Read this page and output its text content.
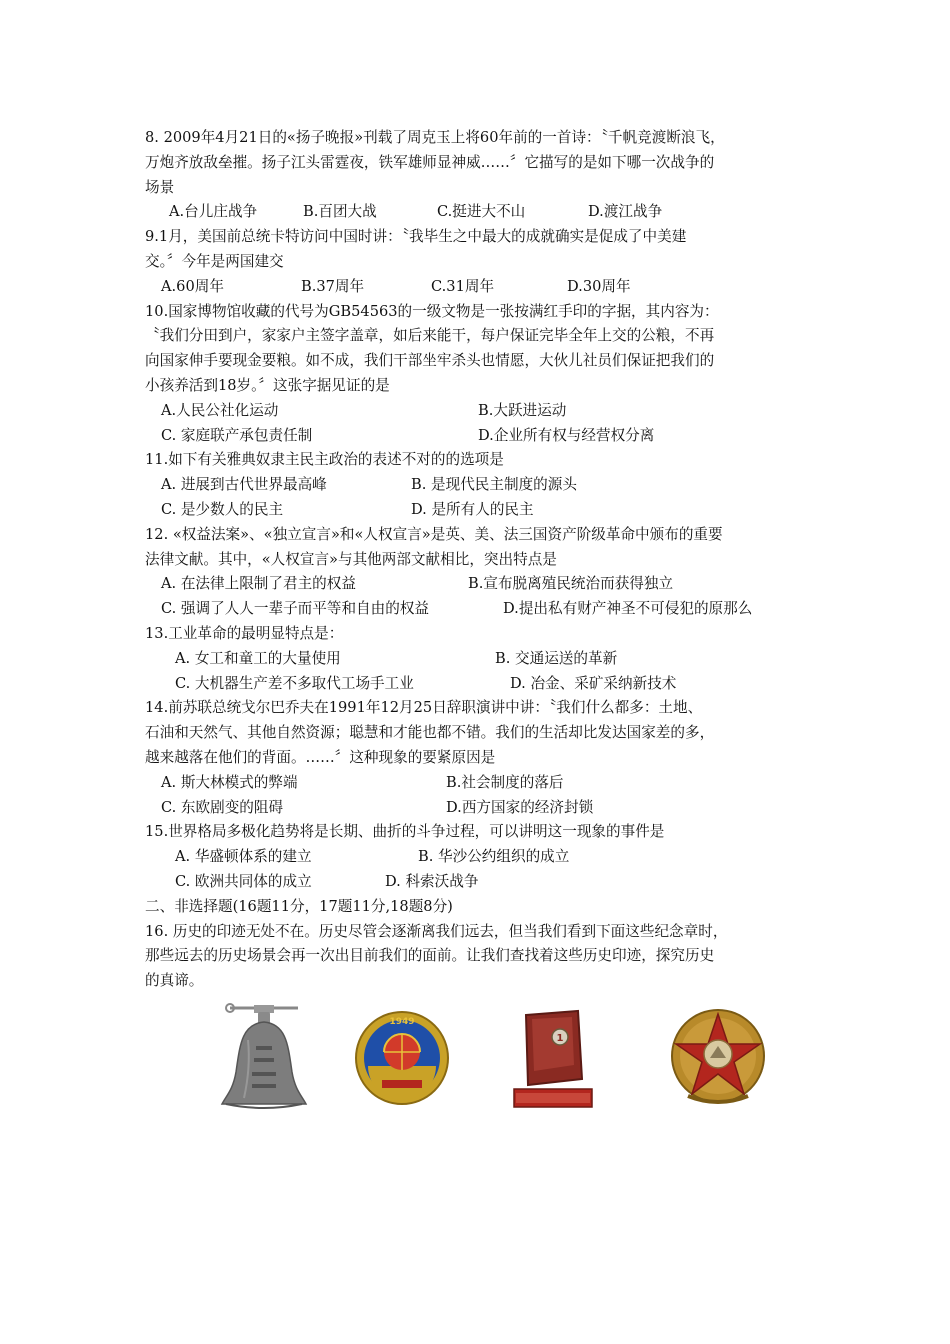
8. 2009年4月21日的«扬子晚报»刊载了周克玉上将60年前的一首诗：〝千帆竞渡断浪飞，
万炮齐放敌垒摧。扬子江头雷霆夜，铁军雄师显神威……〞它描写的是如下哪一次战争的
场景
A.台儿庄战争	B.百团大战	C.挺进大不山	D.渡江战争
9.1月，美国前总统卡特访问中国时讲：〝我毕生之中最大的成就确实是促成了中美建
交。〞今年是两国建交
A.60周年	B.37周年	C.31周年	D.30周年
10.国家博物馆收藏的代号为GB54563的一级文物是一张按满红手印的字据，其内容为：
〝我们分田到户，家家户主签字盖章，如后来能干，每户保证完毕全年上交的公粮，不再
向国家伸手要现金要粮。如不成，我们干部坐牢杀头也情愿，大伙儿社员们保证把我们的
小孩养活到18岁。〞这张字据见证的是
A.人民公社化运动	B.大跃进运动
C. 家庭联产承包责任制	D.企业所有权与经营权分离
11.如下有关雅典奴隶主民主政治的表述不对的的选项是
A. 进展到古代世界最高峰	B. 是现代民主制度的源头
C. 是少数人的民主	D. 是所有人的民主
12. «权益法案»、«独立宣言»和«人权宣言»是英、美、法三国资产阶级革命中颁布的重要
法律文献。其中，«人权宣言»与其他两部文献相比，突出特点是
A. 在法律上限制了君主的权益	B.宣布脱离殖民统治而获得独立
C. 强调了人人一辈子而平等和自由的权益	D.提出私有财产神圣不可侵犯的原那么
13.工业革命的最明显特点是：
A. 女工和童工的大量使用	B. 交通运送的革新
C. 大机器生产差不多取代工场手工业	D. 冶金、采矿采纳新技术
14.前苏联总统戈尔巴乔夫在1991年12月25日辞职演讲中讲：〝我们什么都多：土地、
石油和天然气、其他自然资源；聪慧和才能也都不错。我们的生活却比发达国家差的多，
越来越落在他们的背面。……〞这种现象的要紧原因是
A. 斯大林模式的弊端	B.社会制度的落后
C. 东欧剧变的阻碍	D.西方国家的经济封锁
15.世界格局多极化趋势将是长期、曲折的斗争过程，可以讲明这一现象的事件是
A. 华盛顿体系的建立	B. 华沙公约组织的成立
C. 欧洲共同体的成立	D. 科索沃战争
二、非选择题(16题11分，17题11分,18题8分)
16. 历史的印迹无处不在。历史尽管会逐渐离我们远去，但当我们看到下面这些纪念章时，
那些远去的历史场景会再一次出目前我们的面前。让我们查找着这些历史印迹，探究历史
的真谛。
1949
1
